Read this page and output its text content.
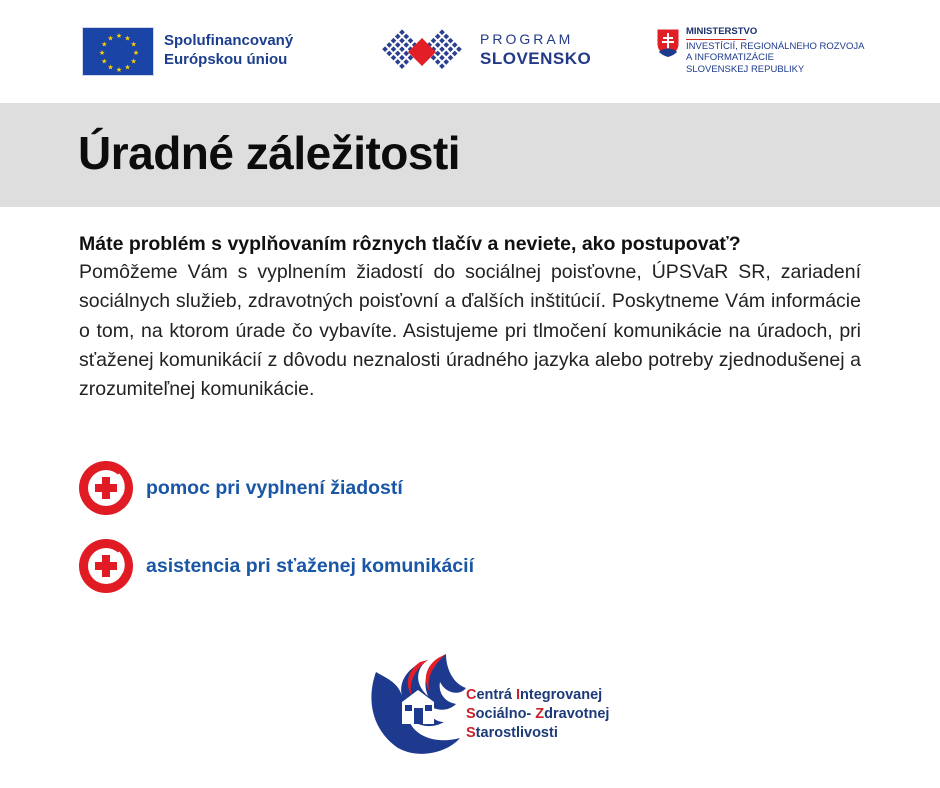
★ ★
★
★
★
★
★
★
★
★
★
★	Spolufinancovaný
Európskou úniou
PROGRAM
SLOVENSKO
MINISTERSTVO
INVESTÍCIÍ, REGIONÁLNEHO ROZVOJA
A INFORMATIZÁCIE
SLOVENSKEJ REPUBLIKY
Úradné záležitosti

Máte problém s vyplňovaním rôznych tlačív a neviete, ako postupovať?

Pomôžeme Vám s vyplnením žiadostí do sociálnej poisťovne, ÚPSVaR SR, zariadení sociálnych služieb, zdravotných poisťovní a ďalších inštitúcií. Poskytneme Vám informácie o tom, na ktorom úrade čo vybavíte. Asistujeme pri tlmočení komunikácie na úradoch, pri sťaženej komunikácií z dôvodu neznalosti úradného jazyka alebo potreby zjednodušenej a zrozumiteľnej komunikácie.

pomoc pri vyplnení žiadostí
asistencia pri sťaženej komunikácií
Centrá Integrovanej
Sociálno- Zdravotnej
Starostlivosti
